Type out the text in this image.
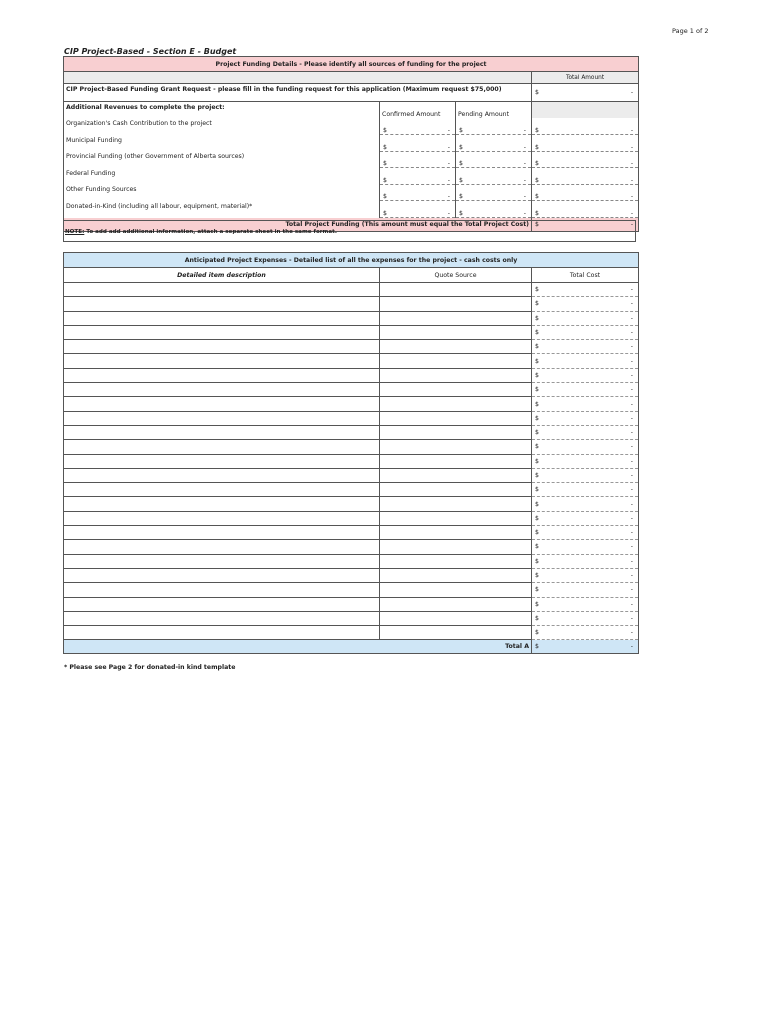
Page 1 of 2
CIP Project-Based - Section E - Budget
Project Funding Details - Please identify all sources of funding for the project			
			Total Amount
CIP Project-Based Funding Grant Request - please fill in the funding request for this application (Maximum request $75,000)			$ -

Additional Revenues to complete the project:	Confirmed Amount	Pending Amount	
Organization's Cash Contribution to the project	$ -	$ -	$ -

Municipal Funding	$ -	$ -	$ -

Provincial Funding (other Government of Alberta sources)	$ -	$ -	$ -

Federal Funding	$ -	$ -	$ -

Other Funding Sources	$ -	$ -	$ -

Donated-in-Kind (including all labour, equipment, material)*	$ -	$ -	$ -

Total Project Funding (This amount must equal the Total Project Cost)			$ -
NOTE: To add add additional information, attach a separate sheet in the same format.
Anticipated Project Expenses - Detailed list of all the expenses for the project - cash costs only		
Detailed item description	Quote Source	Total Cost

		$ -

		$ -

		$ -

		$ -

		$ -

		$ -

		$ -

		$ -

		$ -

		$ -

		$ -

		$ -

		$ -

		$ -

		$ -

		$ -

		$ -

		$ -

		$ -

		$ -

		$ -

		$ -

		$ -

		$ -

		$ -

Total A		$ -
* Please see Page 2 for donated-in kind template
